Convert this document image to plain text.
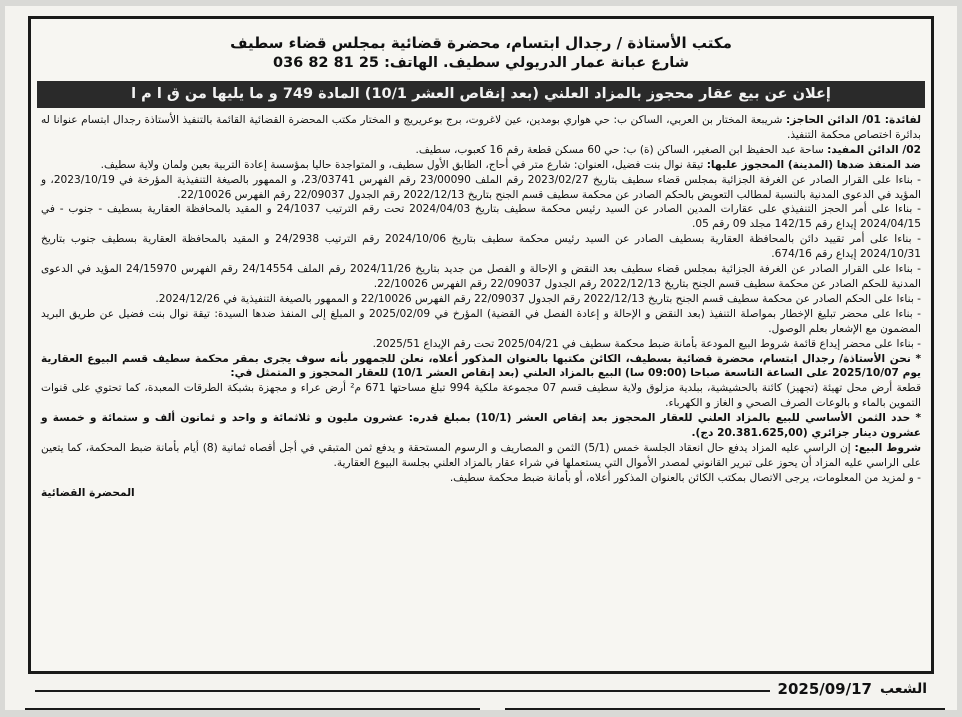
مكتب الأستاذة / رجدال ابتسام، محضرة قضائية بمجلس قضاء سطيف
شارع عبانة عمار الدريولي سطيف. الهاتف: 25 81 82 036
إعلان عن بيع عقار محجوز بالمزاد العلني (بعد إنقاص العشر 10/1) المادة 749 و ما يليها من ق ا م ا

لفائدة: 01/ الدائن الحاجز: شريبعة المختار بن العربي، الساكن ب: حي هواري بومدين، عين لاغروت، برج بوعريريج و المختار مكتب المحضرة القضائية القائمة بالتنفيذ الأستاذة رجدال ابتسام عنوانا له بدائرة اختصاص محكمة التنفيذ.

02/ الدائن المفيد: ساحة عبد الحفيظ ابن الصغير، الساكن (ة) ب: حي 60 مسكن قطعة رقم 16 كعبوب، سطيف.

ضد المنفذ ضدها (المدينة) المحجوز عليها: تيقة نوال بنت فضيل، العنوان: شارع متر في أحاج، الطابق الأول سطيف، و المتواجدة حاليا بمؤسسة إعادة التربية بعين ولمان ولاية سطيف.

- بناءا على القرار الصادر عن الغرفة الجزائية بمجلس قضاء سطيف بتاريخ 2023/02/27 رقم الملف 23/00090 رقم الفهرس 23/03741، و الممهور بالصيغة التنفيذية المؤرخة في 2023/10/19، و المؤيد في الدعوى المدنية بالنسبة لمطالب التعويض بالحكم الصادر عن محكمة سطيف قسم الجنح بتاريخ 2022/12/13 رقم الجدول 22/09037 رقم الفهرس 22/10026.

- بناءا على أمر الحجز التنفيذي على عقارات المدين الصادر عن السيد رئيس محكمة سطيف بتاريخ 2024/04/03 تحت رقم الترتيب 24/1037 و المقيد بالمحافظة العقارية بسطيف - جنوب - في 2024/04/15 إيداع رقم 142/15 مجلد 09 رقم 05.

- بناءا على أمر تقييد دائن بالمحافظة العقارية بسطيف الصادر عن السيد رئيس محكمة سطيف بتاريخ 2024/10/06 رقم الترتيب 24/2938 و المقيد بالمحافظة العقارية بسطيف جنوب بتاريخ 2024/10/31 إيداع رقم 674/16.

- بناءا على القرار الصادر عن الغرفة الجزائية بمجلس قضاء سطيف بعد النقض و الإحالة و الفصل من جديد بتاريخ 2024/11/26 رقم الملف 24/14554 رقم الفهرس 24/15970 المؤيد في الدعوى المدنية للحكم الصادر عن محكمة سطيف قسم الجنح بتاريخ 2022/12/13 رقم الجدول 22/09037 رقم الفهرس 22/10026.

- بناءا على الحكم الصادر عن محكمة سطيف قسم الجنح بتاريخ 2022/12/13 رقم الجدول 22/09037 رقم الفهرس 22/10026 و الممهور بالصيغة التنفيذية في 2024/12/26.

- بناءا على محضر تبليغ الإخطار بمواصلة التنفيذ (بعد النقض و الإحالة و إعادة الفصل في القضية) المؤرخ في 2025/02/09 و المبلغ إلى المنفذ ضدها السيدة: تيقة نوال بنت فضيل عن طريق البريد المضمون مع الإشعار بعلم الوصول.

- بناءا على محضر إيداع قائمة شروط البيع المودعة بأمانة ضبط محكمة سطيف في 2025/04/21 تحت رقم الإيداع 2025/51.

* نحن الأستاذة/ رجدال ابتسام، محضرة قضائية بسطيف، الكائن مكتبها بالعنوان المذكور أعلاه، نعلن للجمهور بأنه سوف يجرى بمقر محكمة سطيف قسم البيوع العقارية يوم 2025/10/07 على الساعة التاسعة صباحا (09:00 سا) البيع بالمزاد العلني (بعد إنقاص العشر 10/1) للعقار المحجوز و المتمثل في:

قطعة أرض محل تهيئة (تجهيز) كائنة بالحشيشية، ببلدية مزلوق ولاية سطيف قسم 07 مجموعة ملكية 994 تبلغ مساحتها 671 م² أرض عراء و مجهزة بشبكة الطرقات المعبدة، كما تحتوي على قنوات التموين بالماء و بالوعات الصرف الصحي و الغاز و الكهرباء.

* حدد الثمن الأساسي للبيع بالمزاد العلني للعقار المحجوز بعد إنقاص العشر (10/1) بمبلغ قدره: عشرون مليون و ثلاثمائة و واحد و ثمانون ألف و ستمائة و خمسة و عشرون دينار جزائري (20.381.625,00 دج).

شروط البيع: إن الراسي عليه المزاد يدفع حال انعقاد الجلسة خمس (5/1) الثمن و المصاريف و الرسوم المستحقة و يدفع ثمن المتبقي في أجل أقصاه ثمانية (8) أيام بأمانة ضبط المحكمة، كما يتعين على الراسي عليه المزاد أن يحوز على تبرير القانوني لمصدر الأموال التي يستعملها في شراء عقار بالمزاد العلني بجلسة البيوع العقارية.

- و لمزيد من المعلومات، يرجى الاتصال بمكتب الكائن بالعنوان المذكور أعلاه، أو بأمانة ضبط محكمة سطيف.

المحضرة القضائية
الشعب
2025/09/17
